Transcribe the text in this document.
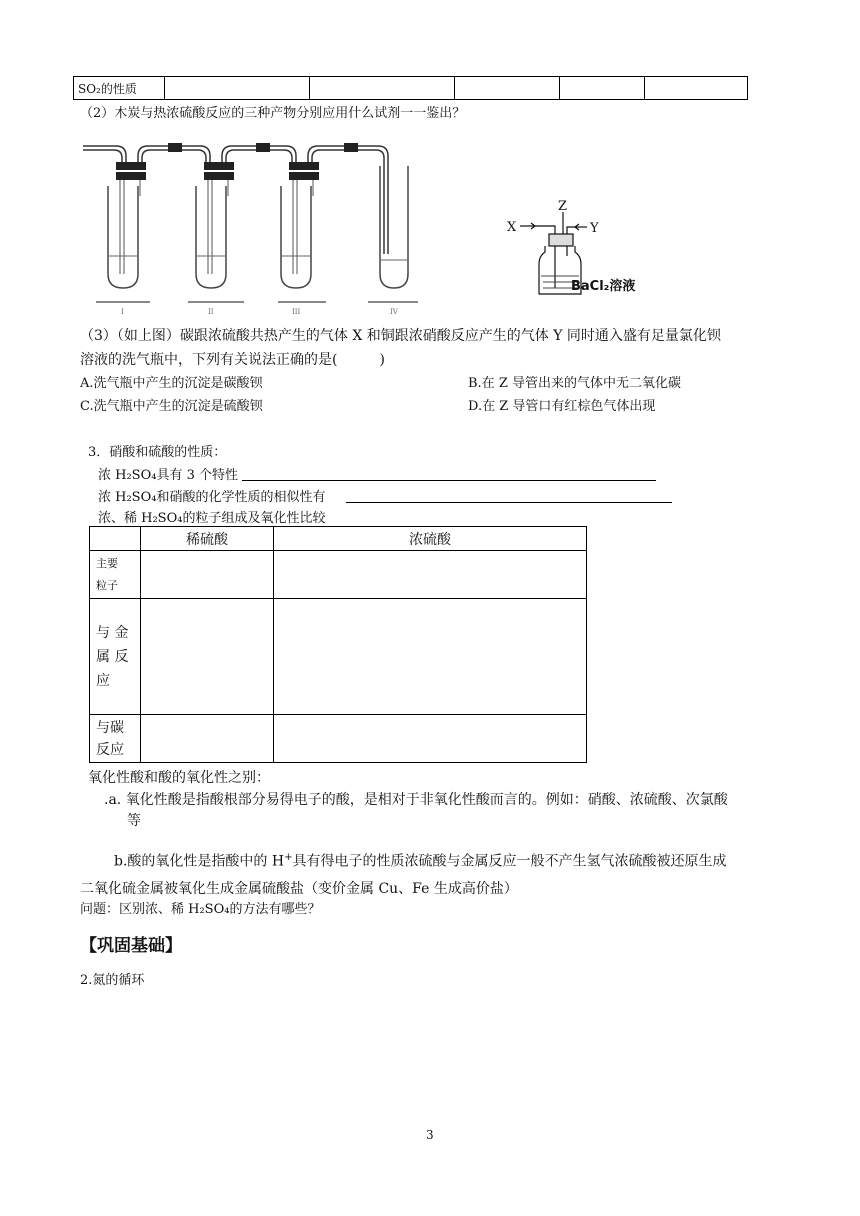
SO₂的性质					
（2）木炭与热浓硫酸反应的三种产物分别应用什么试剂一一鉴出？
I	II	III	IV
Z
X	Y
BaCl₂溶液
（3）（如上图）碳跟浓硫酸共热产生的气体 X 和铜跟浓硝酸反应产生的气体 Y 同时通入盛有足量氯化钡
溶液的洗气瓶中，下列有关说法正确的是(　　　)
A.洗气瓶中产生的沉淀是碳酸钡	B.在 Z 导管出来的气体中无二氧化碳
C.洗气瓶中产生的沉淀是硫酸钡	D.在 Z 导管口有红棕色气体出现
3．硝酸和硫酸的性质：
浓 H₂SO₄具有 3 个特性
浓 H₂SO₄和硝酸的化学性质的相似性有
浓、稀 H₂SO₄的粒子组成及氧化性比较
	稀硫酸	浓硫酸

主要
粒子		

与 金
属 反
应		

与碳
反应		

氧化性酸和酸的氧化性之别：
.a. 氧化性酸是指酸根部分易得电子的酸，是相对于非氧化性酸而言的。例如：硝酸、浓硫酸、次氯酸
等
b.酸的氧化性是指酸中的 H+具有得电子的性质浓硫酸与金属反应一般不产生氢气浓硫酸被还原生成
二氧化硫金属被氧化生成金属硫酸盐（变价金属 Cu、Fe 生成高价盐）
问题：区别浓、稀 H₂SO₄的方法有哪些？
【巩固基础】
2.氮的循环
3
